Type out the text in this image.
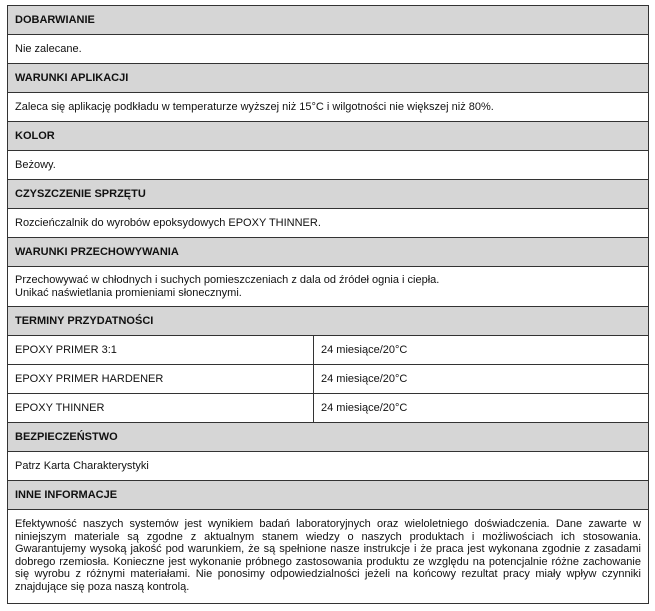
DOBARWIANIE
Nie zalecane.
WARUNKI APLIKACJI
Zaleca się aplikację podkładu w temperaturze wyższej niż 15°C i wilgotności nie większej niż 80%.
KOLOR
Beżowy.
CZYSZCZENIE SPRZĘTU
Rozcieńczalnik do wyrobów epoksydowych EPOXY THINNER.
WARUNKI PRZECHOWYWANIA
Przechowywać w chłodnych i suchych pomieszczeniach z dala od źródeł ognia i ciepła.
Unikać naświetlania promieniami słonecznymi.
TERMINY PRZYDATNOŚCI
EPOXY PRIMER 3:1	24 miesiące/20°C
EPOXY PRIMER HARDENER	24 miesiące/20°C
EPOXY THINNER	24 miesiące/20°C
BEZPIECZEŃSTWO
Patrz Karta Charakterystyki
INNE INFORMACJE
Efektywność naszych systemów jest wynikiem badań laboratoryjnych oraz wieloletniego doświadczenia. Dane zawarte w niniejszym materiale są zgodne z aktualnym stanem wiedzy o naszych produktach i możliwościach ich stosowania. Gwarantujemy wysoką jakość pod warunkiem, że są spełnione nasze instrukcje i że praca jest wykonana zgodnie z zasadami dobrego rzemiosła. Konieczne jest wykonanie próbnego zastosowania produktu ze względu na potencjalnie różne zachowanie się wyrobu z różnymi materiałami. Nie ponosimy odpowiedzialności jeżeli na końcowy rezultat pracy miały wpływ czynniki znajdujące się poza naszą kontrolą.
